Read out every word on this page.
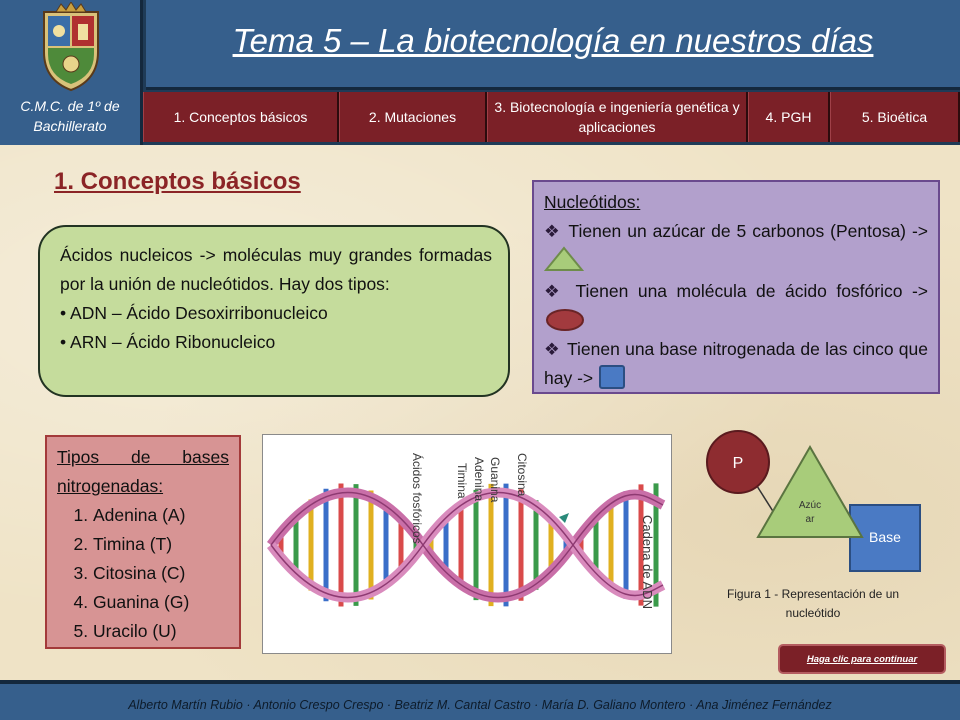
C.M.C. de 1º de Bachillerato
Tema 5 – La biotecnología en nuestros días
1. Conceptos básicos	2. Mutaciones
3. Biotecnología e ingeniería genética y aplicaciones
4. PGH	5. Bioética
1. Conceptos básicos
Ácidos nucleicos -> moléculas muy grandes formadas por la unión de nucleótidos. Hay dos tipos:
• ADN – Ácido Desoxirribonucleico
• ARN – Ácido Ribonucleico
Nucleótidos:
❖ Tienen un azúcar de 5 carbonos (Pentosa) ->
❖ Tienen una molécula de ácido fosfórico ->
❖ Tienen una base nitrogenada de las cinco que hay ->
Tipos de bases nitrogenadas:
1. Adenina (A)
2. Timina (T)
3. Citosina (C)
4. Guanina (G)
5. Uracilo (U)
Ácidos fosfóricos	Timina Adenina Guanina Citosina
Cadena de ADN
P
Azúcar
Base
Figura 1 - Representación de un nucleótido
Haga clic para continuar
Alberto Martín Rubio · Antonio Crespo Crespo · Beatriz M. Cantal Castro · María D. Galiano Montero · Ana Jiménez Fernández
